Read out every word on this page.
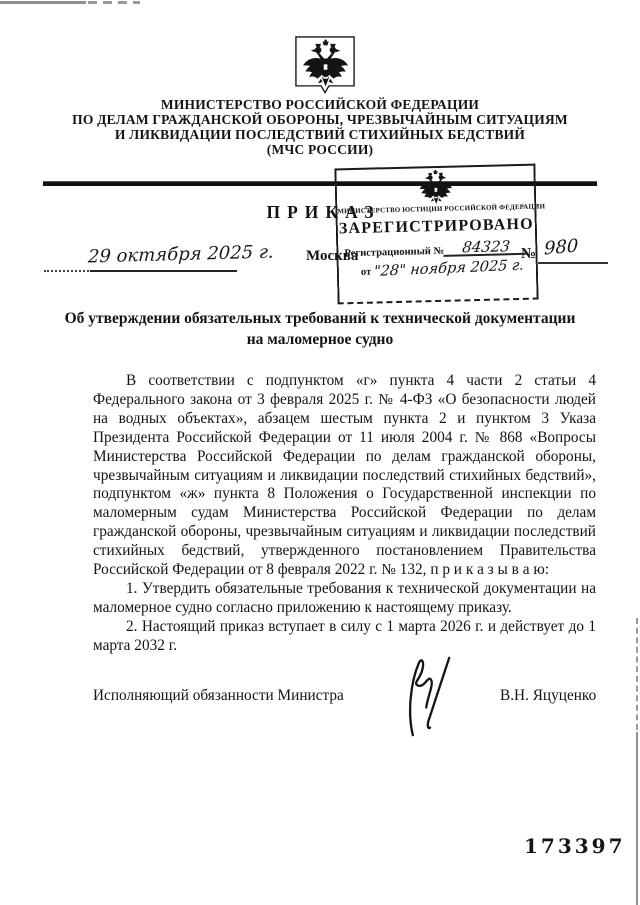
МИНИСТЕРСТВО РОССИЙСКОЙ ФЕДЕРАЦИИ
ПО ДЕЛАМ ГРАЖДАНСКОЙ ОБОРОНЫ, ЧРЕЗВЫЧАЙНЫМ СИТУАЦИЯМ
И ЛИКВИДАЦИИ ПОСЛЕДСТВИЙ СТИХИЙНЫХ БЕДСТВИЙ
(МЧС РОССИИ)
ПРИКАЗ
29 октября 2025 г. Москва	№ 980
МИНИСТЕРСТВО ЮСТИЦИИ РОССИЙСКОЙ ФЕДЕРАЦИИ
ЗАРЕГИСТРИРОВАНО
Регистрационный №	84323
от "28" ноября 2025 г.
Об утверждении обязательных требований к технической документации
на маломерное судно

В соответствии с подпунктом «г» пункта 4 части 2 статьи 4 Федерального закона от 3 февраля 2025 г. № 4-ФЗ «О безопасности людей на водных объектах», абзацем шестым пункта 2 и пунктом 3 Указа Президента Российской Федерации от 11 июля 2004 г. № 868 «Вопросы Министерства Российской Федерации по делам гражданской обороны, чрезвычайным ситуациям и ликвидации последствий стихийных бедствий», подпунктом «ж» пункта 8 Положения о Государственной инспекции по маломерным судам Министерства Российской Федерации по делам гражданской обороны, чрезвычайным ситуациям и ликвидации последствий стихийных бедствий, утвержденного постановлением Правительства Российской Федерации от 8 февраля 2022 г. № 132, п р и к а з ы в а ю:

1. Утвердить обязательные требования к технической документации на маломерное судно согласно приложению к настоящему приказу.

2. Настоящий приказ вступает в силу с 1 марта 2026 г. и действует до 1 марта 2032 г.

Исполняющий обязанности Министра	В.Н. Яцуценко
173397
